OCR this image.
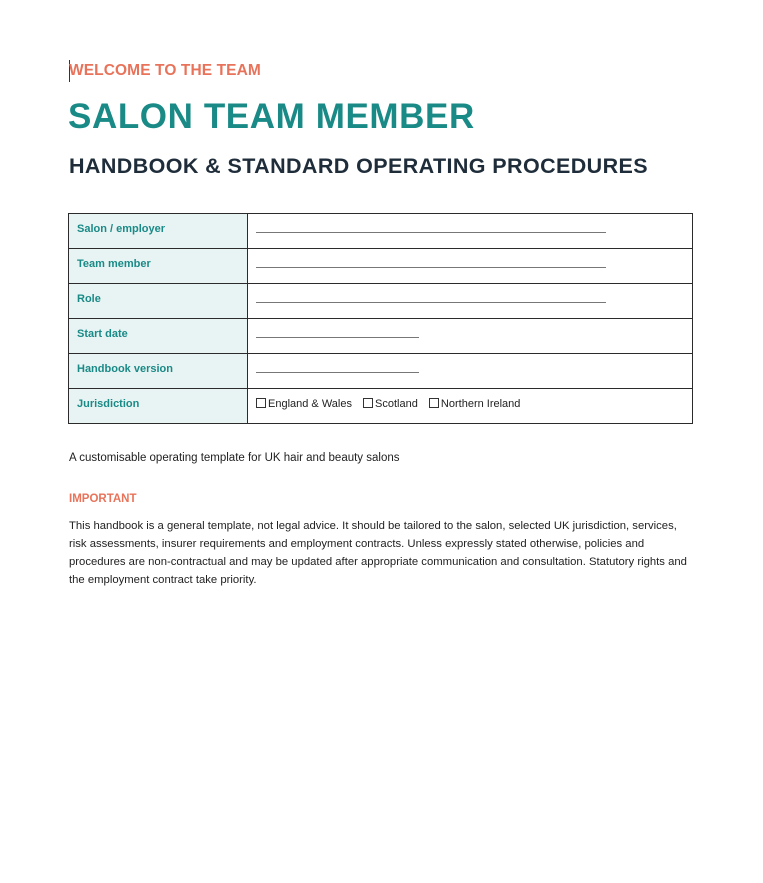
WELCOME TO THE TEAM
SALON TEAM MEMBER
HANDBOOK & STANDARD OPERATING PROCEDURES
Salon / employer	

Team member	

Role	

Start date	

Handbook version	

Jurisdiction	England & Wales Scotland Northern Ireland
A customisable operating template for UK hair and beauty salons
IMPORTANT
This handbook is a general template, not legal advice. It should be tailored to the salon, selected UK jurisdiction, services, risk assessments, insurer requirements and employment contracts. Unless expressly stated otherwise, policies and procedures are non-contractual and may be updated after appropriate communication and consultation. Statutory rights and the employment contract take priority.
